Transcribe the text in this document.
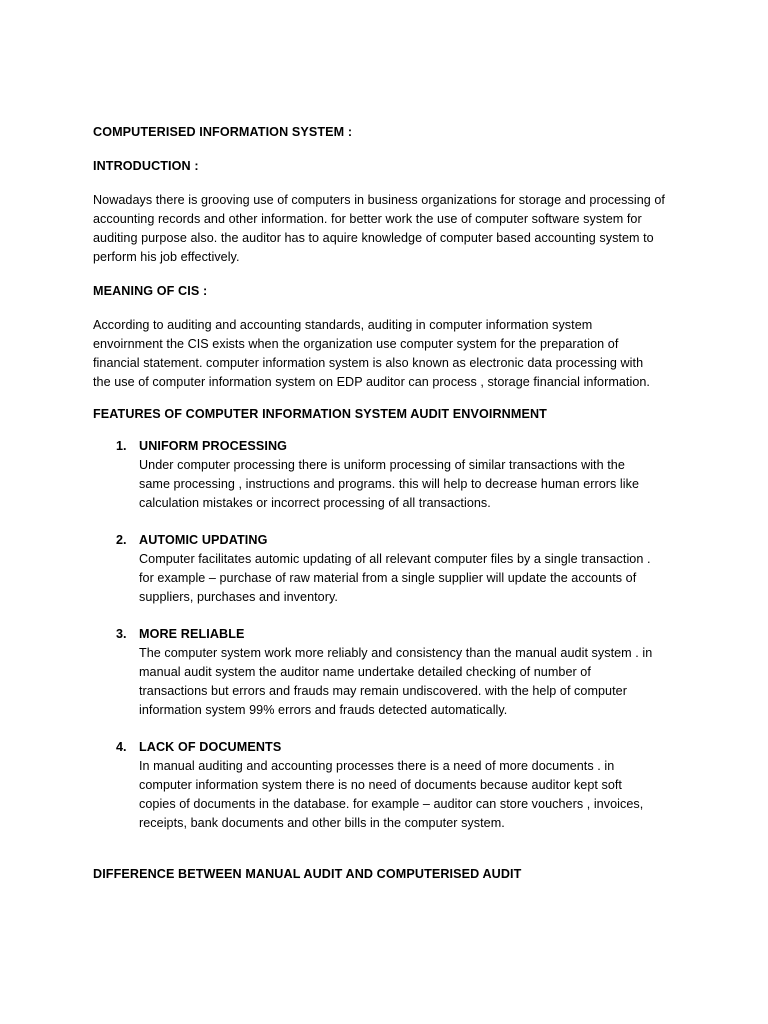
COMPUTERISED INFORMATION SYSTEM :

INTRODUCTION :

Nowadays there is grooving use of computers in business organizations for storage and processing of
accounting records and other information. for better work the use of computer software system for
auditing purpose also. the auditor has to aquire knowledge of computer based accounting system to
perform his job effectively.

MEANING OF CIS :

According to auditing and accounting standards, auditing in computer information system
envoirnment the CIS exists when the organization use computer system for the preparation of
financial statement. computer information system is also known as electronic data processing with
the use of computer information system on EDP auditor can process , storage financial information.

FEATURES OF COMPUTER INFORMATION SYSTEM AUDIT ENVOIRNMENT

1. UNIFORM PROCESSING

Under computer processing there is uniform processing of similar transactions with the
same processing , instructions and programs. this will help to decrease human errors like
calculation mistakes or incorrect processing of all transactions.

2. AUTOMIC UPDATING

Computer facilitates automic updating of all relevant computer files by a single transaction .
for example – purchase of raw material from a single supplier will update the accounts of
suppliers, purchases and inventory.

3. MORE RELIABLE

The computer system work more reliably and consistency than the manual audit system . in
manual audit system the auditor name undertake detailed checking of number of
transactions but errors and frauds may remain undiscovered. with the help of computer
information system 99% errors and frauds detected automatically.

4. LACK OF DOCUMENTS

In manual auditing and accounting processes there is a need of more documents . in
computer information system there is no need of documents because auditor kept soft
copies of documents in the database. for example – auditor can store vouchers , invoices,
receipts, bank documents and other bills in the computer system.

DIFFERENCE BETWEEN MANUAL AUDIT AND COMPUTERISED AUDIT
